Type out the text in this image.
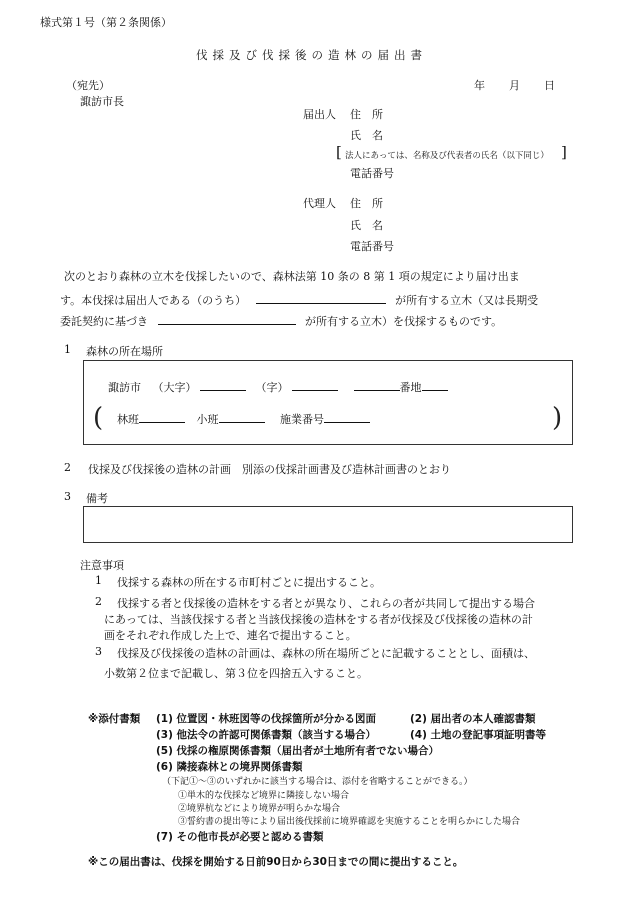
様式第１号（第２条関係）
伐採及び伐採後の造林の届出書
（宛先）
諏訪市長
年 月 日
届出人 住　所
氏　名
[ 法人にあっては、名称及び代表者の氏名（以下同じ） ]
電話番号
代理人 住　所
氏　名
電話番号
次のとおり森林の立木を伐採したいので、森林法第 10 条の 8 第 1 項の規定により届け出ま
す。本伐採は届出人である（のうち）	が所有する立木（又は長期受
委託契約に基づき	が所有する立木）を伐採するものです。
1 森林の所在場所
諏訪市 （大字）	（字）	番地
( 林班	小班	施業番号	)
2 伐採及び伐採後の造林の計画　別添の伐採計画書及び造林計画書のとおり
3 備考
注意事項
1 伐採する森林の所在する市町村ごとに提出すること。
2 伐採する者と伐採後の造林をする者とが異なり、これらの者が共同して提出する場合
にあっては、当該伐採する者と当該伐採後の造林をする者が伐採及び伐採後の造林の計
画をそれぞれ作成した上で、連名で提出すること。
3 伐採及び伐採後の造林の計画は、森林の所在場所ごとに記載することとし、面積は、
小数第２位まで記載し、第３位を四捨五入すること。
※添付書類 (1) 位置図・林班図等の伐採箇所が分かる図面	(2) 届出者の本人確認書類
(3) 他法令の許認可関係書類（該当する場合）	(4) 土地の登記事項証明書等
(5) 伐採の権原関係書類（届出者が土地所有者でない場合）
(6) 隣接森林との境界関係書類
（下記①～③のいずれかに該当する場合は、添付を省略することができる。）
①単木的な伐採など境界に隣接しない場合
②境界杭などにより境界が明らかな場合
③誓約書の提出等により届出後伐採前に境界確認を実施することを明らかにした場合
(7) その他市長が必要と認める書類
※この届出書は、伐採を開始する日前90日から30日までの間に提出すること。
